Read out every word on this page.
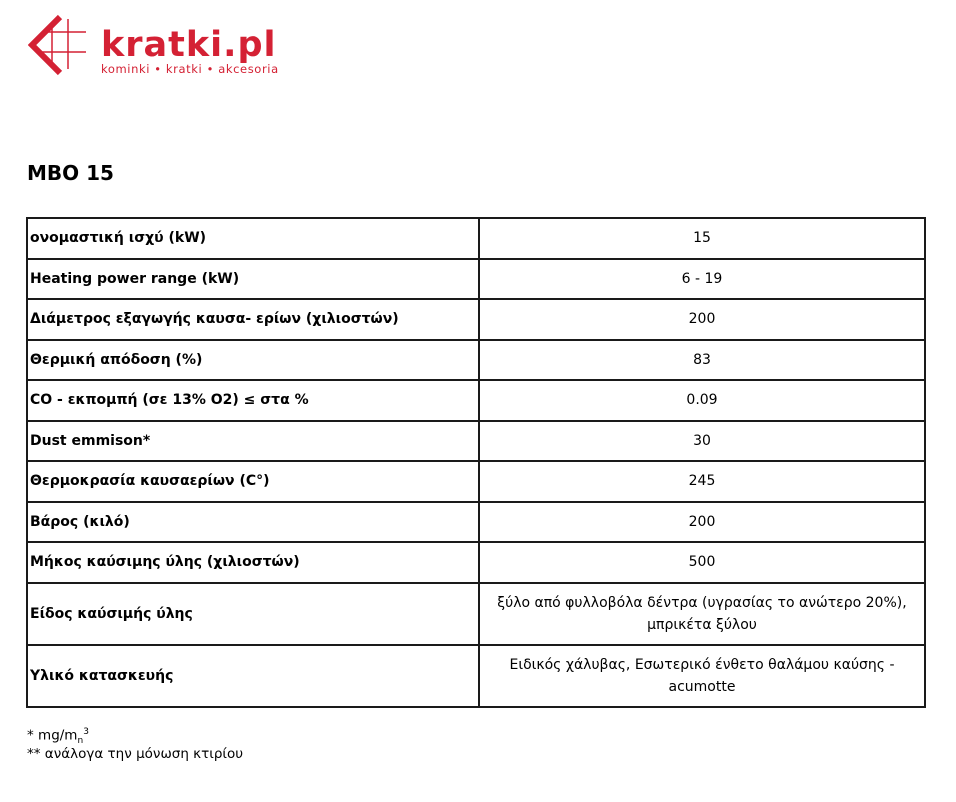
kratki.pl
kominki • kratki • akcesoria
MBO 15
ονομαστική ισχύ (kW)	15
Heating power range (kW)	6 - 19
Διάμετρος εξαγωγής καυσα- ερίων (χιλιοστών)	200
Θερμική απόδοση (%)	83
CO - εκπομπή (σε 13% O2) ≤ στα %	0.09
Dust emmison*	30
Θερμοκρασία καυσαερίων (C°)	245
Βάρος (κιλό)	200
Μήκος καύσιμης ύλης (χιλιοστών)	500
Είδος καύσιμής ύλης	ξύλο από φυλλοβόλα δέντρα (υγρασίας το ανώτερο 20%), μπρικέτα ξύλου
Υλικό κατασκευής	Ειδικός χάλυβας, Εσωτερικό ένθετο θαλάμου καύσης - acumotte
* $mg/m_n^3$
** ανάλογα την μόνωση κτιρίου
